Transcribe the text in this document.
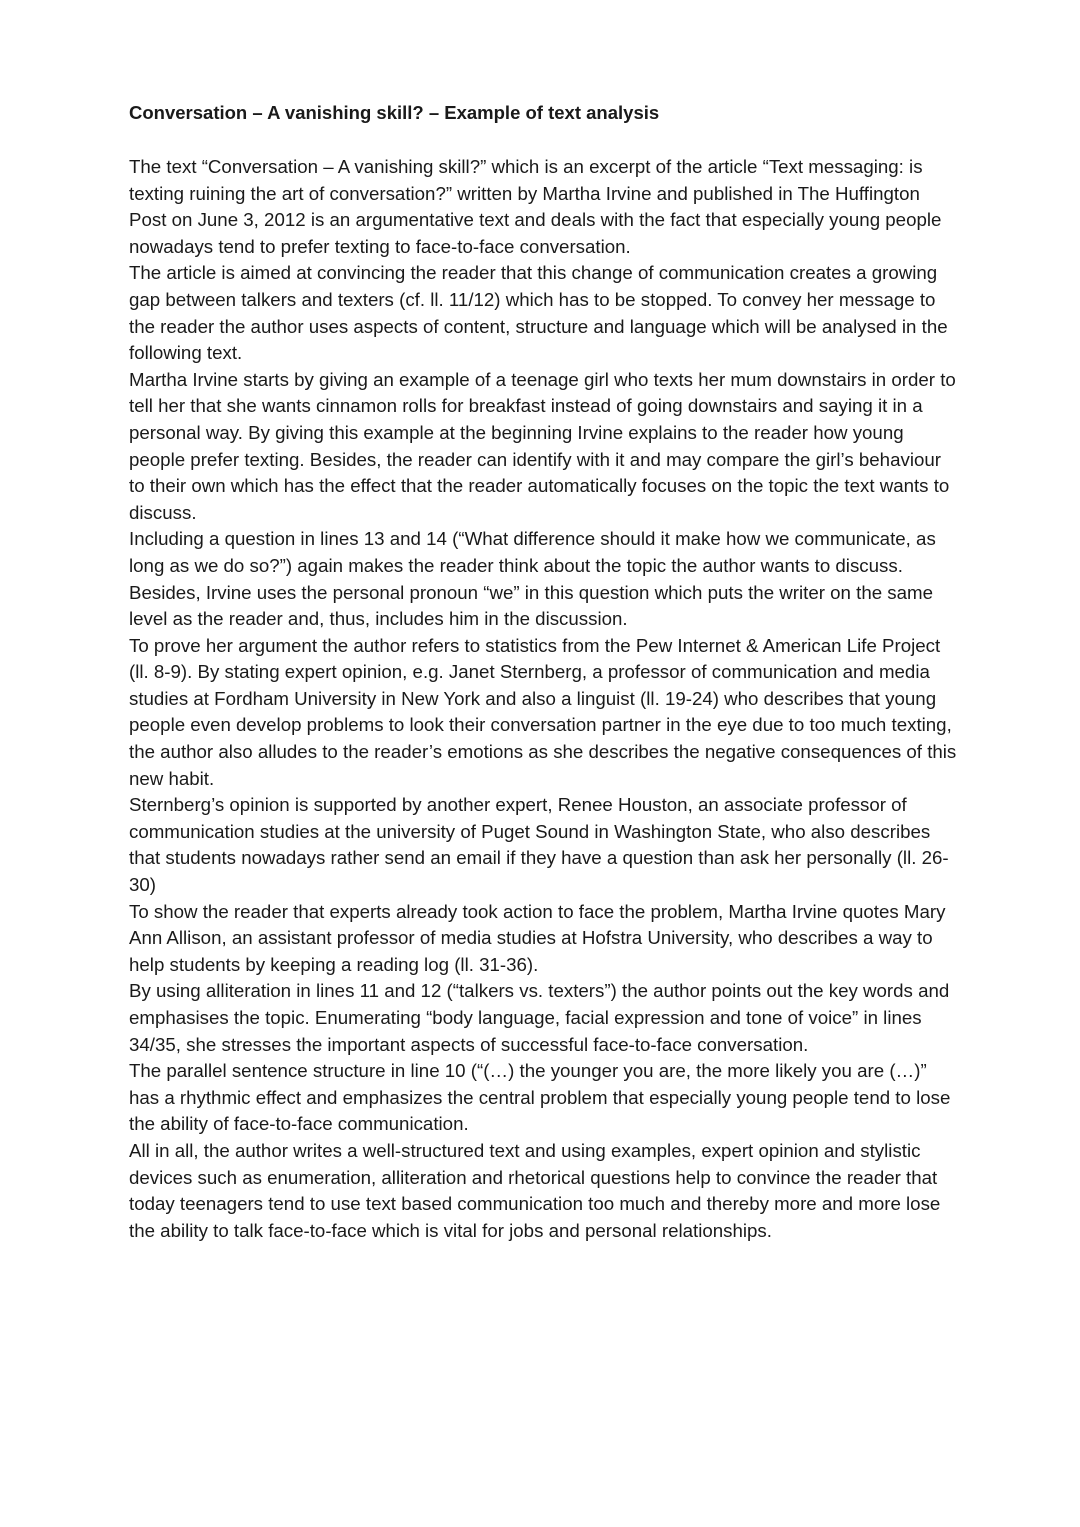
Conversation – A vanishing skill? – Example of text analysis

The text “Conversation – A vanishing skill?” which is an excerpt of the article “Text messaging: is texting ruining the art of conversation?” written by Martha Irvine and published in The Huffington Post on June 3, 2012 is an argumentative text and deals with the fact that especially young people nowadays tend to prefer texting to face-to-face conversation.

The article is aimed at convincing the reader that this change of communication creates a growing gap between talkers and texters (cf. ll. 11/12) which has to be stopped. To convey her message to the reader the author uses aspects of content, structure and language which will be analysed in the following text.

Martha Irvine starts by giving an example of a teenage girl who texts her mum downstairs in order to tell her that she wants cinnamon rolls for breakfast instead of going downstairs and saying it in a personal way. By giving this example at the beginning Irvine explains to the reader how young people prefer texting. Besides, the reader can identify with it and may compare the girl’s behaviour to their own which has the effect that the reader automatically focuses on the topic the text wants to discuss.

Including a question in lines 13 and 14 (“What difference should it make how we communicate, as long as we do so?”) again makes the reader think about the topic the author wants to discuss. Besides, Irvine uses the personal pronoun “we” in this question which puts the writer on the same level as the reader and, thus, includes him in the discussion.

To prove her argument the author refers to statistics from the Pew Internet & American Life Project (ll. 8-9). By stating expert opinion, e.g. Janet Sternberg, a professor of communication and media studies at Fordham University in New York and also a linguist (ll. 19-24) who describes that young people even develop problems to look their conversation partner in the eye due to too much texting, the author also alludes to the reader’s emotions as she describes the negative consequences of this new habit.

Sternberg’s opinion is supported by another expert, Renee Houston, an associate professor of communication studies at the university of Puget Sound in Washington State, who also describes that students nowadays rather send an email if they have a question than ask her personally (ll. 26-30)

To show the reader that experts already took action to face the problem, Martha Irvine quotes Mary Ann Allison, an assistant professor of media studies at Hofstra University, who describes a way to help students by keeping a reading log (ll. 31-36).

By using alliteration in lines 11 and 12 (“talkers vs. texters”) the author points out the key words and emphasises the topic. Enumerating “body language, facial expression and tone of voice” in lines 34/35, she stresses the important aspects of successful face-to-face conversation.

The parallel sentence structure in line 10 (“(…) the younger you are, the more likely you are (…)” has a rhythmic effect and emphasizes the central problem that especially young people tend to lose the ability of face-to-face communication.

All in all, the author writes a well-structured text and using examples, expert opinion and stylistic devices such as enumeration, alliteration and rhetorical questions help to convince the reader that today teenagers tend to use text based communication too much and thereby more and more lose the ability to talk face-to-face which is vital for jobs and personal relationships.
